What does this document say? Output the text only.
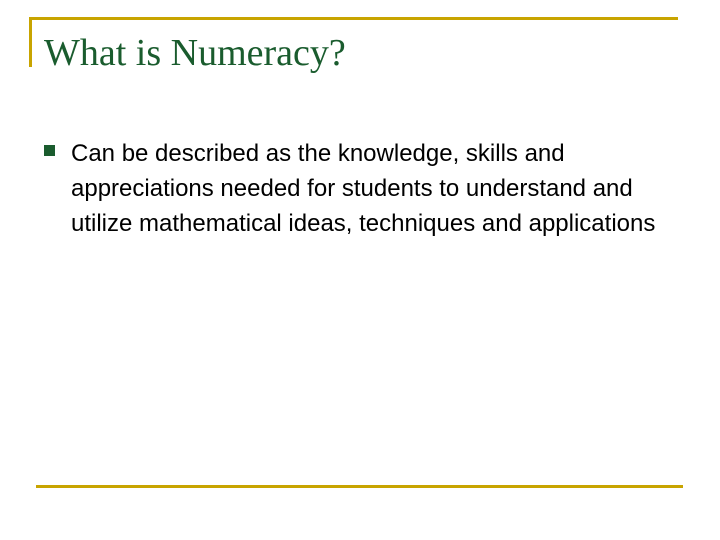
What is Numeracy?
Can be described as the knowledge, skills and appreciations needed for students to understand and utilize mathematical ideas, techniques and applications
